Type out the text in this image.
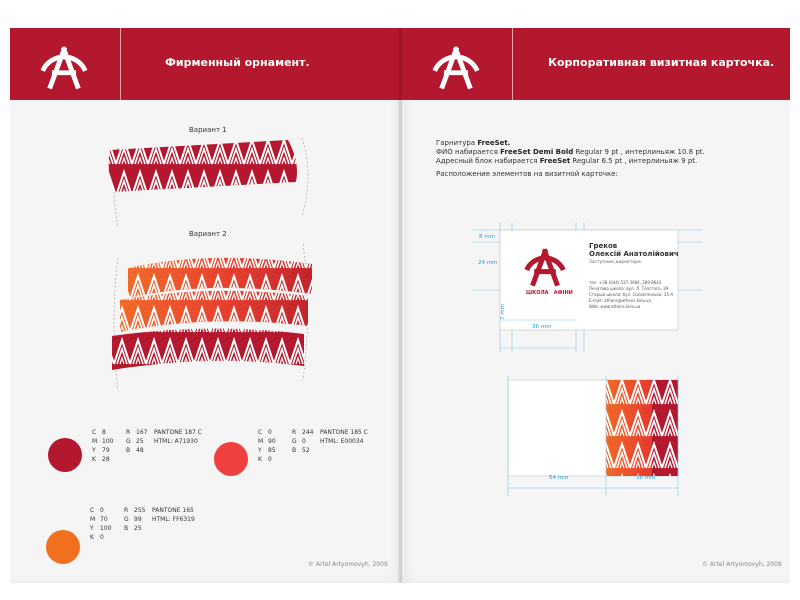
Фирменный орнамент.
Вариант 1
Вариант 2
C
M
Y
K
8
100
79
28
R
G
B
167
25
48
PANTONE 187 C
HTML: A71930
C
M
Y
K
0
90
85
0
R
G
B
244
0
52
PANTONE 185 C
HTML: E00034
C
M
Y
K
0
70
100
0
R
G
B
255
99
25
PANTONE 165
HTML: FF6319
© Artel Artyomovyh, 2009
Корпоративная визитная карточка.
Гарнитура FreeSet.
ФИО набирается FreeSet Demi Bold Regular 9 pt , интерлиньяж 10.8 pt.
Адресный блок набирается FreeSet Regular 6.5 pt , интерлиньяж 9 pt.
Расположение элементов на визитной карточке:
ШКОЛА   АФІНИ
Греков
Олексій Анатолійович
Заступник директора
тел. +38 (044) 537 3684, 289 8643
Печатова школа: вул. Л. Толстого, 39
Старша школа: бул. Солом'янська, 35-А
E-mail: athens@athens.kiev.ua
Web: www.athens.kiev.ua
8 mm
24 mm
7 mm
36 mm
54 mm	36 mm
© Artel Artyomovyh, 2009
